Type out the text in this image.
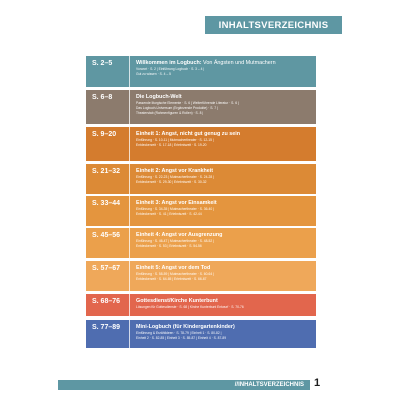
INHALTSVERZEICHNIS
S. 2–5	Willkommen im Logbuch: Von Ängsten und Mutmachern
Vorwort · S. 2 | Einführung Logbuch · S. 3 – 4 |
Gut zu wissen · S. 4 – 5
S. 6–8	Die Logbuch-Welt
Passende liturgische Elemente · S. 6 | Weiterführende Literatur · S. 6 |
Das Logbuch-Universum (Ergänzende Produkte) · S. 7 |
Theaterstab (Rahmenfiguren & Rollen) · S. 8 |
S. 9–20	Einheit 1: Angst, nicht gut genug zu sein
Einführung · S. 10-11 | Mutmachertheater · S. 12-15 |
Entdeckerzeit · S. 17-18 | Erlebniszeit · S. 19-20
S. 21–32	Einheit 2: Angst vor Krankheit
Einführung · S. 22-23 | Mutmachertheater · S. 24-28 |
Entdeckerzeit · S. 29-30 | Erlebniszeit · S. 30-32
S. 33–44	Einheit 3: Angst vor Einsamkeit
Einführung · S. 34-35 | Mutmachertheater · S. 36-40 |
Entdeckerzeit · S. 41 | Erlebniszeit · S. 42-44
S. 45–56	Einheit 4: Angst vor Ausgrenzung
Einführung · S. 46-47 | Mutmachertheater · S. 48-52 |
Entdeckerzeit · S. 53 | Erlebniszeit · S. 54-56
S. 57–67	Einheit 5: Angst vor dem Tod
Einführung · S. 58-59 | Mutmachertheater · S. 60-64 |
Entdeckerzeit · S. 64-65 | Erlebniszeit · S. 66-67
S. 68–76	Gottesdienst/Kirche Kunterbunt
Lösungen für Gottesdienste · S. 68 | Kirche Kunterbunt Entwurf · S. 70-76
S. 77–89	Mini-Logbuch (für Kindergartenkinder)
Einführung & Erzählideen · S. 78-79 | Einheit 1 · S. 80-82 |
Einheit 2 · S. 82-85 | Einheit 3 · S. 85-87 | Einheit 4 · S. 87-89
//INHALTSVERZEICHNIS 1
